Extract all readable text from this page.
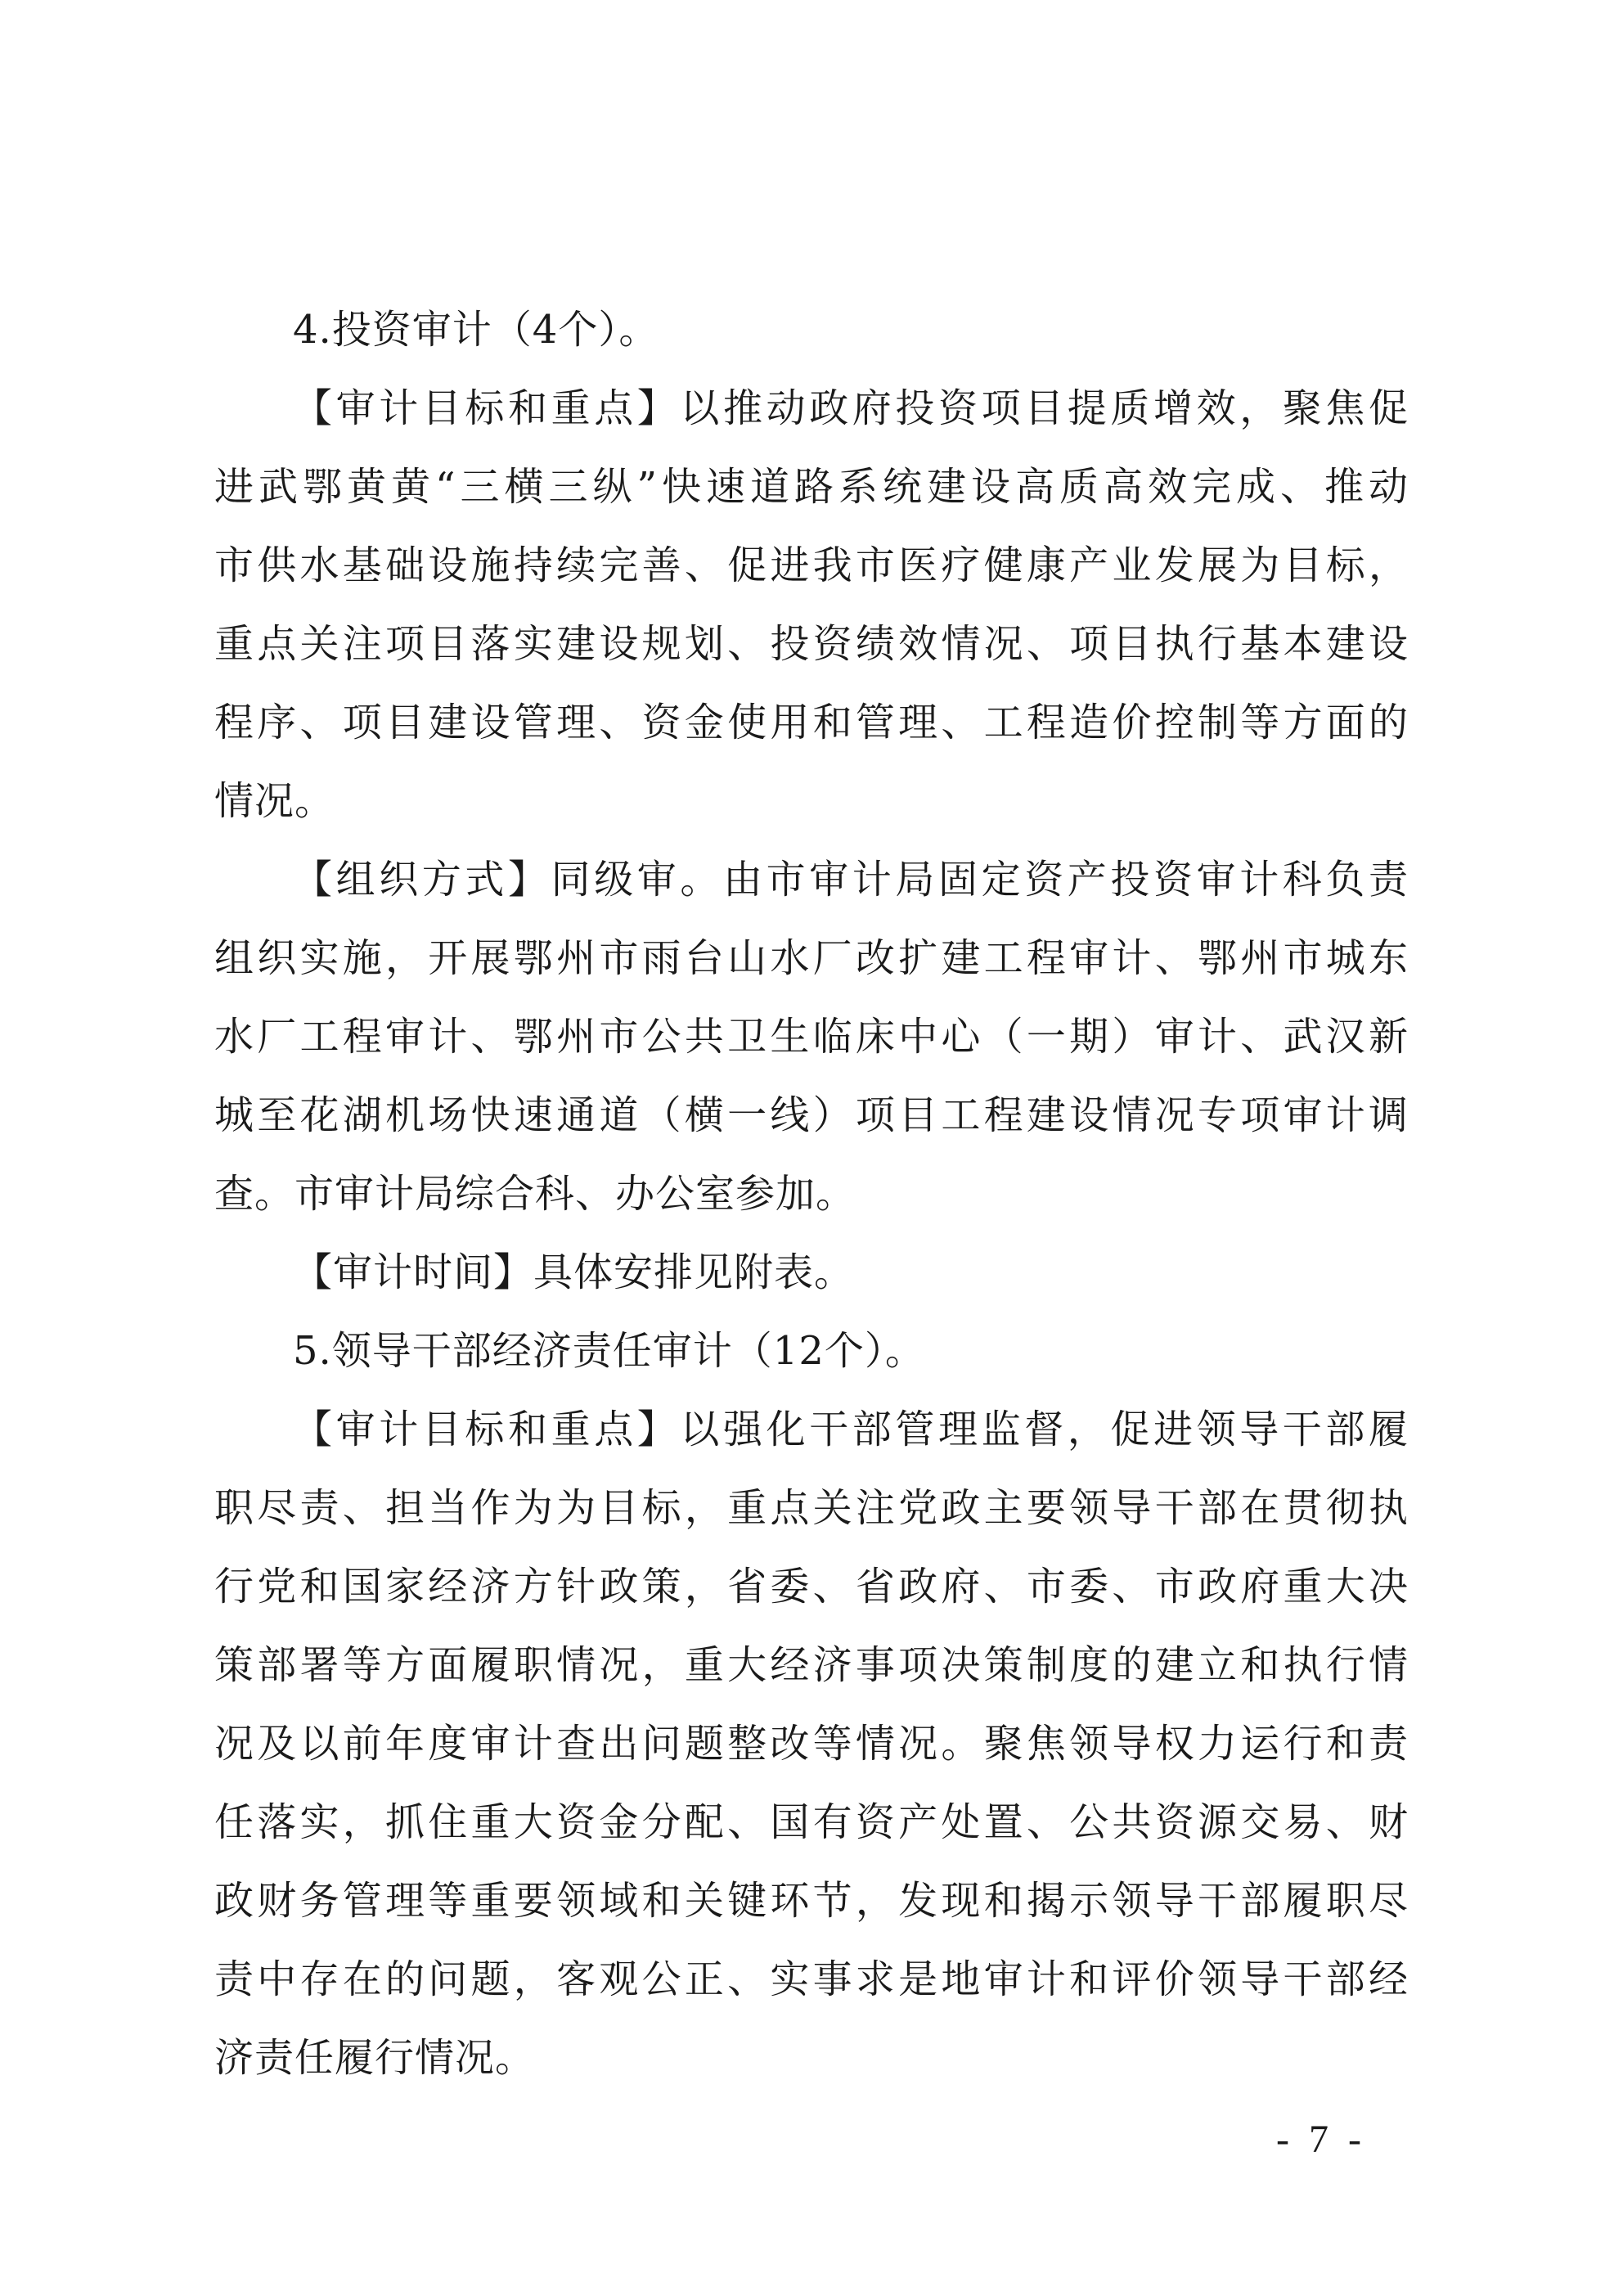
4.投资审计（4个）。
【审计目标和重点】以推动政府投资项目提质增效，聚焦促
进武鄂黄黄“三横三纵”快速道路系统建设高质高效完成、推动
市供水基础设施持续完善、促进我市医疗健康产业发展为目标，
重点关注项目落实建设规划、投资绩效情况、项目执行基本建设
程序、项目建设管理、资金使用和管理、工程造价控制等方面的
情况。
【组织方式】同级审。由市审计局固定资产投资审计科负责
组织实施，开展鄂州市雨台山水厂改扩建工程审计、鄂州市城东
水厂工程审计、鄂州市公共卫生临床中心（一期）审计、武汉新
城至花湖机场快速通道（横一线）项目工程建设情况专项审计调
查。市审计局综合科、办公室参加。
【审计时间】具体安排见附表。
5.领导干部经济责任审计（12个）。
【审计目标和重点】以强化干部管理监督，促进领导干部履
职尽责、担当作为为目标，重点关注党政主要领导干部在贯彻执
行党和国家经济方针政策，省委、省政府、市委、市政府重大决
策部署等方面履职情况，重大经济事项决策制度的建立和执行情
况及以前年度审计查出问题整改等情况。聚焦领导权力运行和责
任落实，抓住重大资金分配、国有资产处置、公共资源交易、财
政财务管理等重要领域和关键环节，发现和揭示领导干部履职尽
责中存在的问题，客观公正、实事求是地审计和评价领导干部经
济责任履行情况。
- 7 -
